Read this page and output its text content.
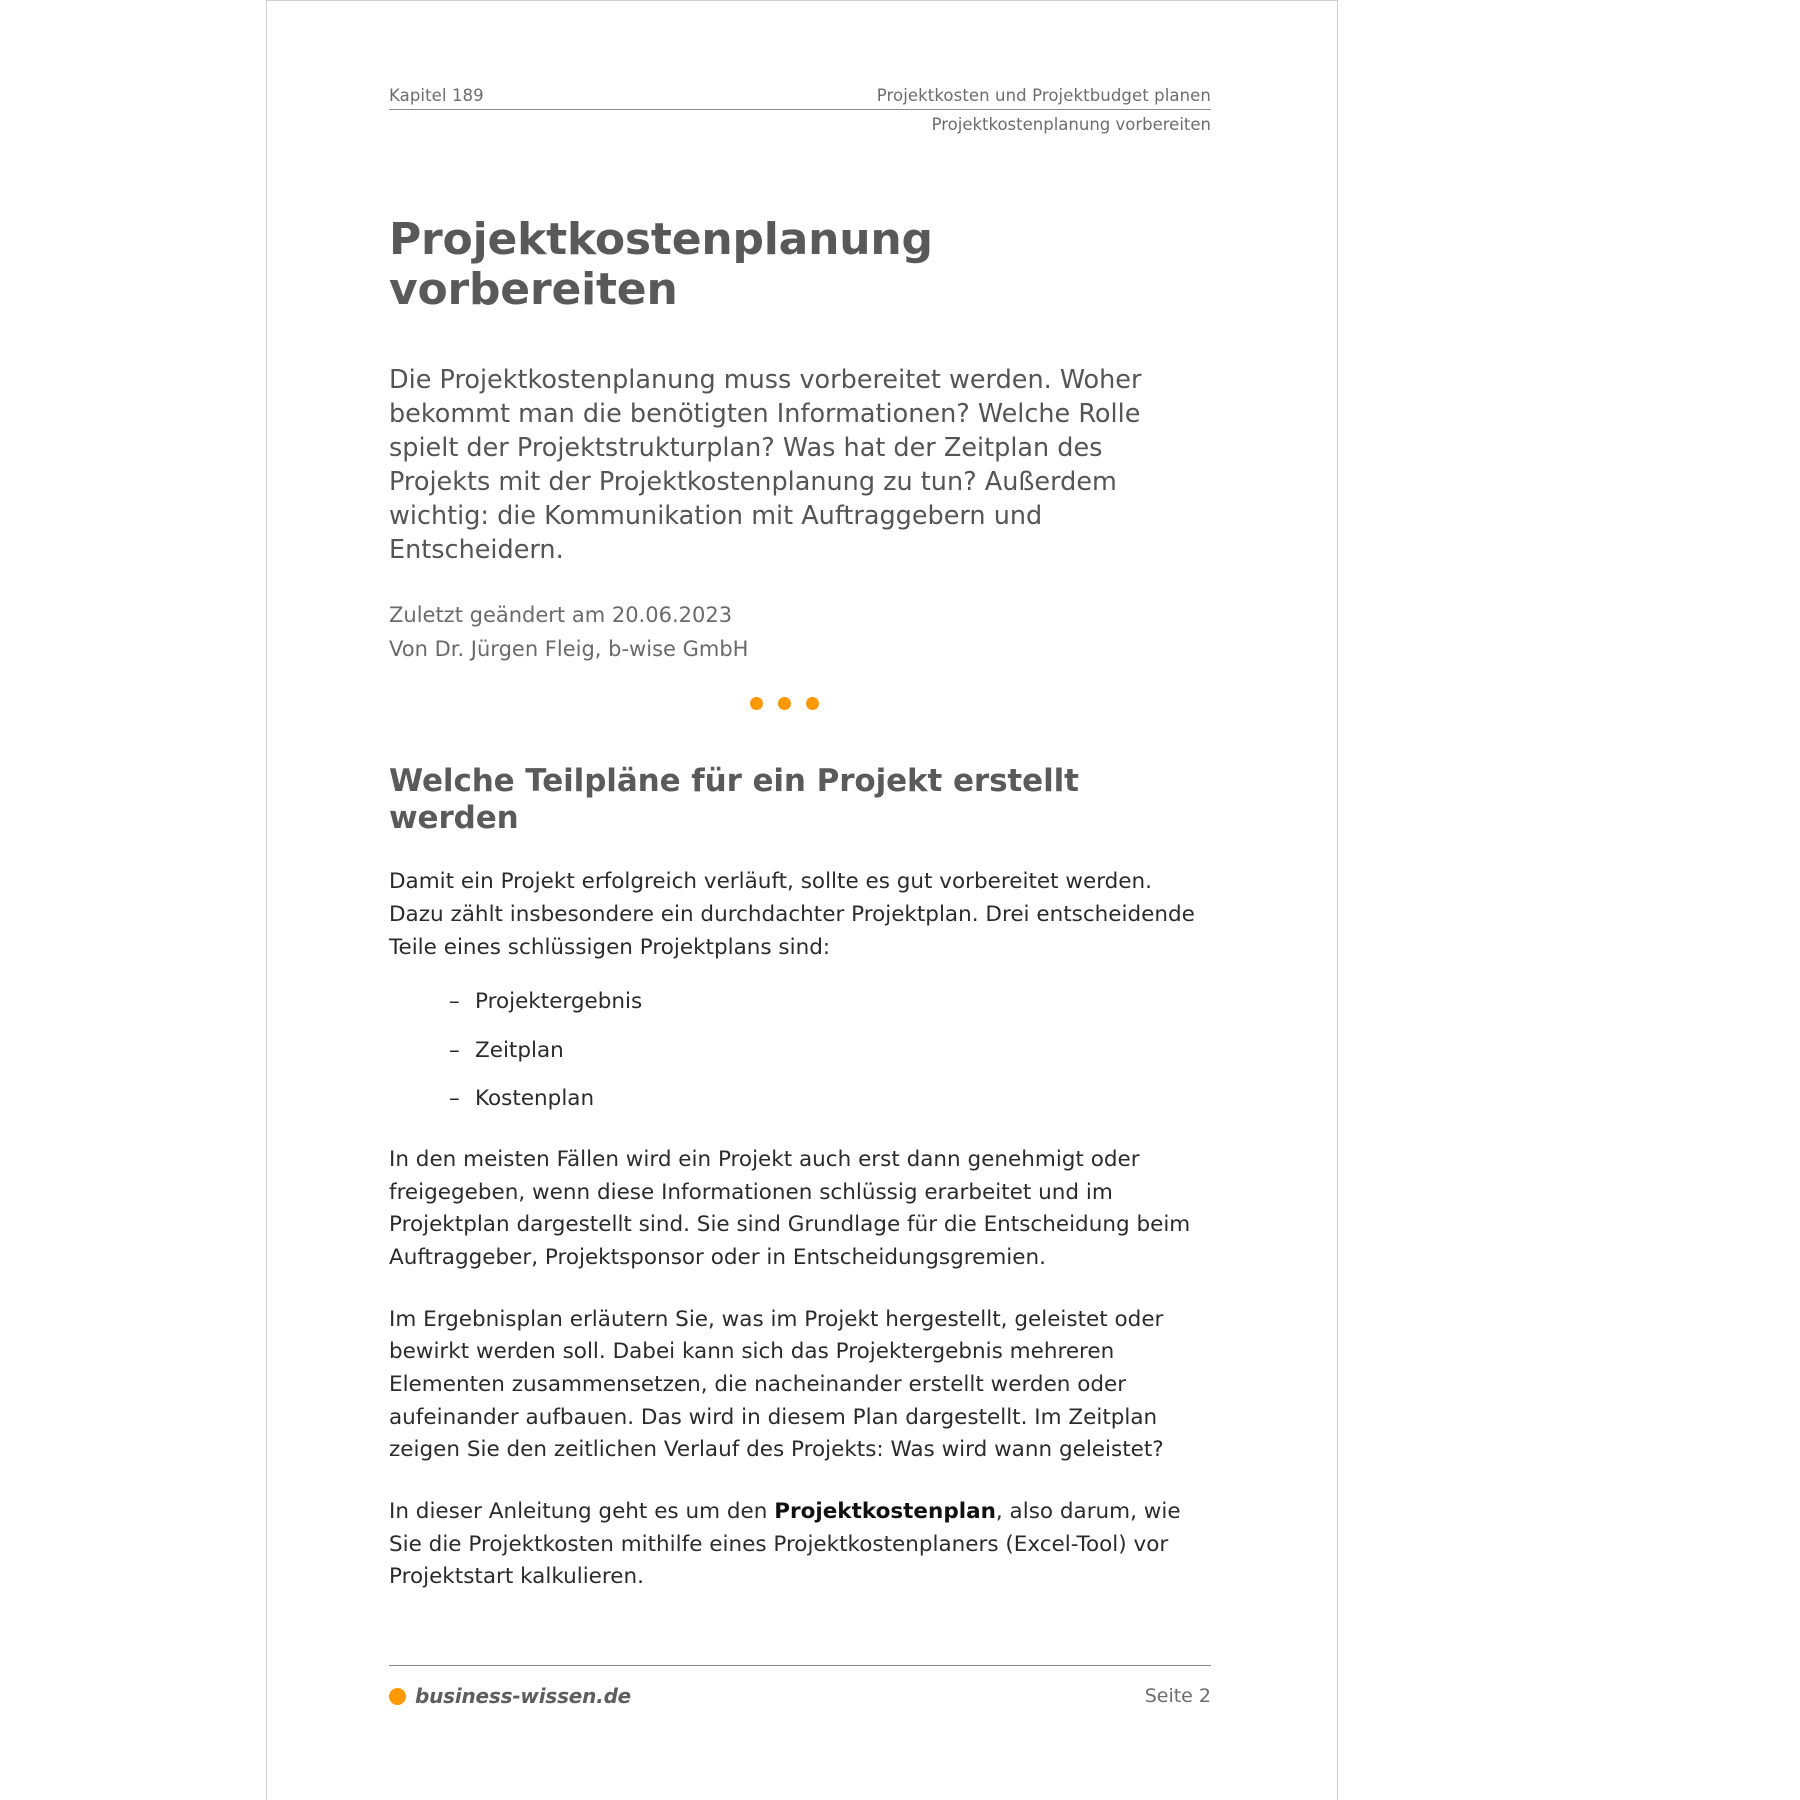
Kapitel 189	Projektkosten und Projektbudget planen
Projektkostenplanung vorbereiten
Projektkostenplanung vorbereiten

Die Projektkostenplanung muss vorbereitet werden. Woher bekommt man die benötigten Informationen? Welche Rolle spielt der Projektstrukturplan? Was hat der Zeitplan des Projekts mit der Projektkostenplanung zu tun? Außerdem wichtig: die Kommunikation mit Auftraggebern und Entscheidern.

Zuletzt geändert am 20.06.2023
Von Dr. Jürgen Fleig, b-wise GmbH
Welche Teilpläne für ein Projekt erstellt werden

Damit ein Projekt erfolgreich verläuft, sollte es gut vorbereitet werden. Dazu zählt insbesondere ein durchdachter Projektplan. Drei entscheidende Teile eines schlüssigen Projektplans sind:

– Projektergebnis
– Zeitplan
– Kostenplan

In den meisten Fällen wird ein Projekt auch erst dann genehmigt oder freigegeben, wenn diese Informationen schlüssig erarbeitet und im Projektplan dargestellt sind. Sie sind Grundlage für die Entscheidung beim Auftraggeber, Projektsponsor oder in Entscheidungsgremien.

Im Ergebnisplan erläutern Sie, was im Projekt hergestellt, geleistet oder bewirkt werden soll. Dabei kann sich das Projektergebnis mehreren Elementen zusammensetzen, die nacheinander erstellt werden oder aufeinander aufbauen. Das wird in diesem Plan dargestellt. Im Zeitplan zeigen Sie den zeitlichen Verlauf des Projekts: Was wird wann geleistet?

In dieser Anleitung geht es um den Projektkostenplan, also darum, wie Sie die Projektkosten mithilfe eines Projektkostenplaners (Excel-Tool) vor Projektstart kalkulieren.

business-wissen.de	Seite 2
